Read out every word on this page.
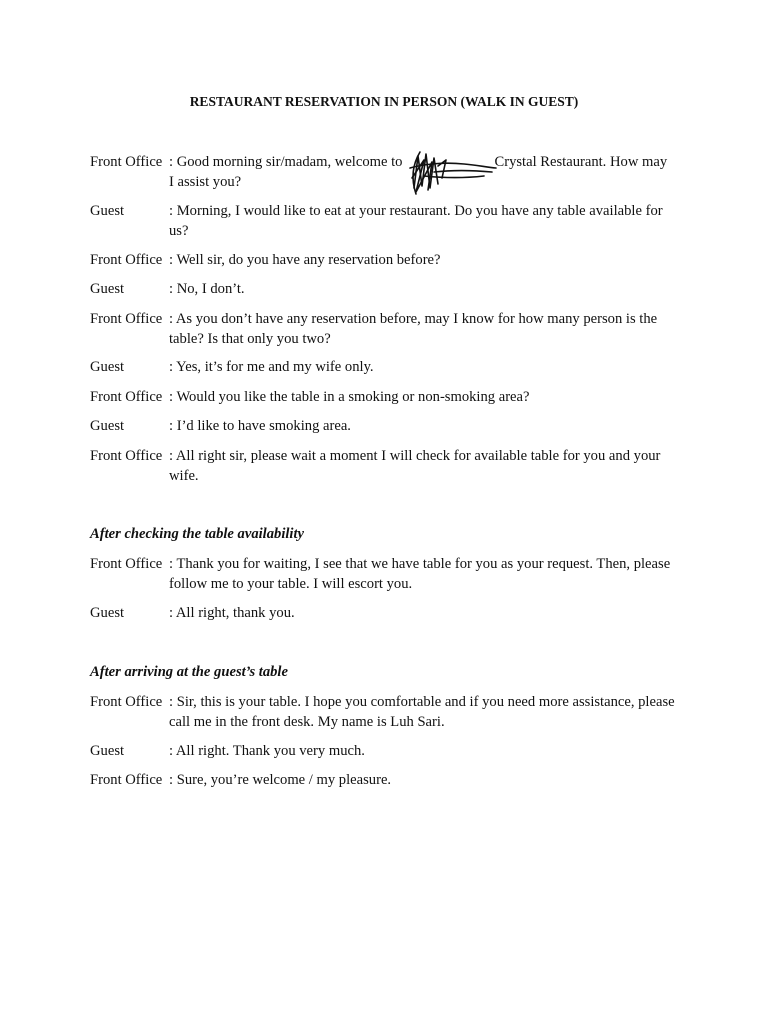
RESTAURANT RESERVATION IN PERSON (WALK IN GUEST)
Front Office : Good morning sir/madam, welcome to	Crystal Restaurant. How may
I assist you?
Guest	: Morning, I would like to eat at your restaurant. Do you have any table available for
us?
Front Office : Well sir, do you have any reservation before?
Guest	: No, I don’t.
Front Office : As you don’t have any reservation before, may I know for how many person is the
table? Is that only you two?
Guest	: Yes, it’s for me and my wife only.
Front Office : Would you like the table in a smoking or non-smoking area?
Guest	: I’d like to have smoking area.
Front Office : All right sir, please wait a moment I will check for available table for you and your
wife.
After checking the table availability
Front Office : Thank you for waiting, I see that we have table for you as your request. Then, please
follow me to your table. I will escort you.
Guest	: All right, thank you.
After arriving at the guest’s table
Front Office : Sir, this is your table. I hope you comfortable and if you need more assistance, please
call me in the front desk. My name is Luh Sari.
Guest	: All right. Thank you very much.
Front Office : Sure, you’re welcome / my pleasure.
